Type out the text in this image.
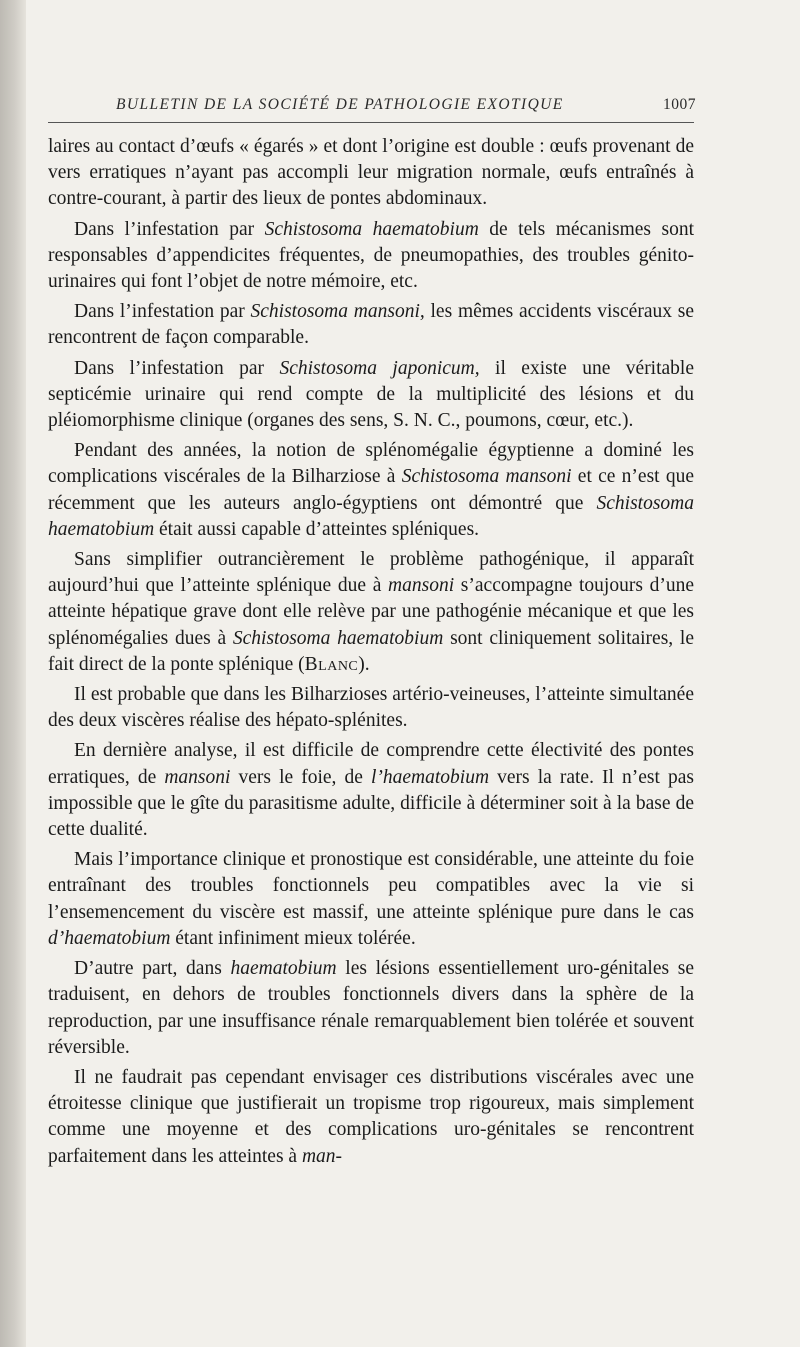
BULLETIN DE LA SOCIÉTÉ DE PATHOLOGIE EXOTIQUE	1007

laires au contact d’œufs « égarés » et dont l’origine est double : œufs provenant de vers erratiques n’ayant pas accompli leur migration normale, œufs entraînés à contre-courant, à partir des lieux de pontes abdominaux.

Dans l’infestation par Schistosoma haematobium de tels mécanismes sont responsables d’appendicites fréquentes, de pneumopathies, des troubles génito-urinaires qui font l’objet de notre mémoire, etc.

Dans l’infestation par Schistosoma mansoni, les mêmes accidents viscéraux se rencontrent de façon comparable.

Dans l’infestation par Schistosoma japonicum, il existe une véritable septicémie urinaire qui rend compte de la multiplicité des lésions et du pléiomorphisme clinique (organes des sens, S. N. C., poumons, cœur, etc.).

Pendant des années, la notion de splénomégalie égyptienne a dominé les complications viscérales de la Bilharziose à Schistosoma mansoni et ce n’est que récemment que les auteurs anglo-égyptiens ont démontré que Schistosoma haematobium était aussi capable d’atteintes spléniques.

Sans simplifier outrancièrement le problème pathogénique, il apparaît aujourd’hui que l’atteinte splénique due à mansoni s’accompagne toujours d’une atteinte hépatique grave dont elle relève par une pathogénie mécanique et que les splénomégalies dues à Schistosoma haematobium sont cliniquement solitaires, le fait direct de la ponte splénique (Blanc).

Il est probable que dans les Bilharzioses artério-veineuses, l’atteinte simultanée des deux viscères réalise des hépato-splénites.

En dernière analyse, il est difficile de comprendre cette électivité des pontes erratiques, de mansoni vers le foie, de l’haematobium vers la rate. Il n’est pas impossible que le gîte du parasitisme adulte, difficile à déterminer soit à la base de cette dualité.

Mais l’importance clinique et pronostique est considérable, une atteinte du foie entraînant des troubles fonctionnels peu compatibles avec la vie si l’ensemencement du viscère est massif, une atteinte splénique pure dans le cas d’haematobium étant infiniment mieux tolérée.

D’autre part, dans haematobium les lésions essentiellement uro-génitales se traduisent, en dehors de troubles fonctionnels divers dans la sphère de la reproduction, par une insuffisance rénale remarquablement bien tolérée et souvent réversible.

Il ne faudrait pas cependant envisager ces distributions viscérales avec une étroitesse clinique que justifierait un tropisme trop rigoureux, mais simplement comme une moyenne et des complications uro-génitales se rencontrent parfaitement dans les atteintes à man-
